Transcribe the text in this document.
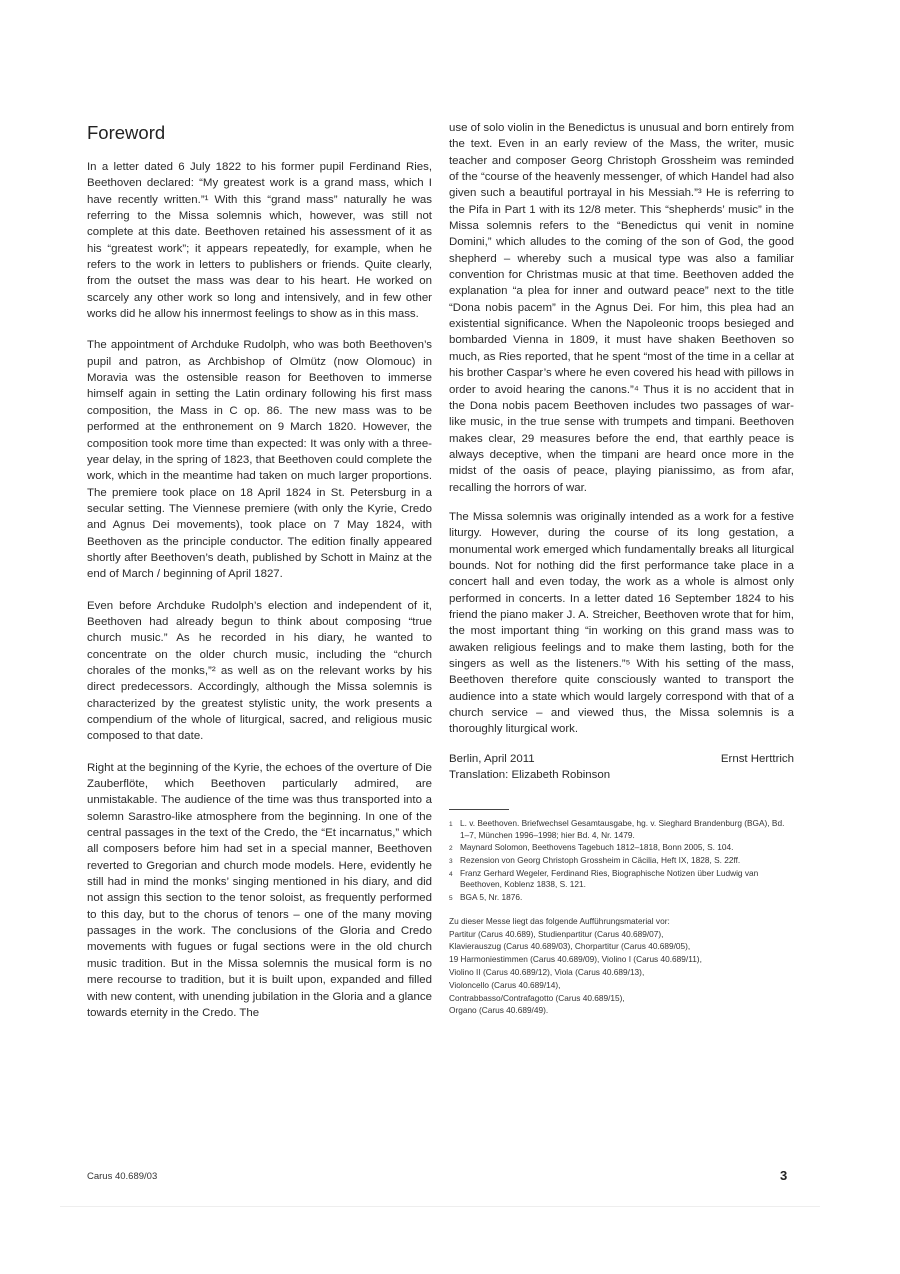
Foreword

In a letter dated 6 July 1822 to his former pupil Ferdinand Ries, Beethoven declared: “My greatest work is a grand mass, which I have recently written.”¹ With this “grand mass” naturally he was referring to the Missa solemnis which, however, was still not complete at this date. Beethoven retained his assessment of it as his “greatest work”; it appears repeatedly, for example, when he refers to the work in letters to publishers or friends. Quite clearly, from the outset the mass was dear to his heart. He worked on scarcely any other work so long and intensively, and in few other works did he allow his innermost feelings to show as in this mass.

The appointment of Archduke Rudolph, who was both Beethoven’s pupil and patron, as Archbishop of Olmütz (now Olomouc) in Moravia was the ostensible reason for Beethoven to immerse himself again in setting the Latin ordinary following his first mass composition, the Mass in C op. 86. The new mass was to be performed at the enthronement on 9 March 1820. However, the composition took more time than expected: It was only with a three-year delay, in the spring of 1823, that Beethoven could complete the work, which in the meantime had taken on much larger proportions. The premiere took place on 18 April 1824 in St. Petersburg in a secular setting. The Viennese premiere (with only the Kyrie, Credo and Agnus Dei movements), took place on 7 May 1824, with Beethoven as the principle conductor. The edition finally appeared shortly after Beethoven’s death, published by Schott in Mainz at the end of March / beginning of April 1827.

Even before Archduke Rudolph’s election and independent of it, Beethoven had already begun to think about composing “true church music.” As he recorded in his diary, he wanted to concentrate on the older church music, including the “church chorales of the monks,”² as well as on the relevant works by his direct predecessors. Accordingly, although the Missa solemnis is characterized by the greatest stylistic unity, the work presents a compendium of the whole of liturgical, sacred, and religious music composed to that date.

Right at the beginning of the Kyrie, the echoes of the overture of Die Zauberflöte, which Beethoven particularly admired, are unmistakable. The audience of the time was thus transported into a solemn Sarastro-like atmosphere from the beginning. In one of the central passages in the text of the Credo, the “Et incarnatus,” which all composers before him had set in a special manner, Beethoven reverted to Gregorian and church mode models. Here, evidently he still had in mind the monks’ singing mentioned in his diary, and did not assign this section to the tenor soloist, as frequently performed to this day, but to the chorus of tenors – one of the many moving passages in the work. The conclusions of the Gloria and Credo movements with fugues or fugal sections were in the old church music tradition. But in the Missa solemnis the musical form is no mere recourse to tradition, but it is built upon, expanded and filled with new content, with unending jubilation in the Gloria and a glance towards eternity in the Credo. The

use of solo violin in the Benedictus is unusual and born entirely from the text. Even in an early review of the Mass, the writer, music teacher and composer Georg Christoph Grossheim was reminded of the “course of the heavenly messenger, of which Handel had also given such a beautiful portrayal in his Messiah.”³ He is referring to the Pifa in Part 1 with its 12/8 meter. This “shepherds’ music” in the Missa solemnis refers to the “Benedictus qui venit in nomine Domini,” which alludes to the coming of the son of God, the good shepherd – whereby such a musical type was also a familiar convention for Christmas music at that time. Beethoven added the explanation “a plea for inner and outward peace” next to the title “Dona nobis pacem” in the Agnus Dei. For him, this plea had an existential significance. When the Napoleonic troops besieged and bombarded Vienna in 1809, it must have shaken Beethoven so much, as Ries reported, that he spent “most of the time in a cellar at his brother Caspar’s where he even covered his head with pillows in order to avoid hearing the canons.”⁴ Thus it is no accident that in the Dona nobis pacem Beethoven includes two passages of war-like music, in the true sense with trumpets and timpani. Beethoven makes clear, 29 measures before the end, that earthly peace is always deceptive, when the timpani are heard once more in the midst of the oasis of peace, playing pianissimo, as from afar, recalling the horrors of war.

The Missa solemnis was originally intended as a work for a festive liturgy. However, during the course of its long gestation, a monumental work emerged which fundamentally breaks all liturgical bounds. Not for nothing did the first performance take place in a concert hall and even today, the work as a whole is almost only performed in concerts. In a letter dated 16 September 1824 to his friend the piano maker J. A. Streicher, Beethoven wrote that for him, the most important thing “in working on this grand mass was to awaken religious feelings and to make them lasting, both for the singers as well as the listeners.”⁵ With his setting of the mass, Beethoven therefore quite consciously wanted to transport the audience into a state which would largely correspond with that of a church service – and viewed thus, the Missa solemnis is a thoroughly liturgical work.

Berlin, April 2011	Ernst Herttrich
Translation: Elizabeth Robinson
1 L. v. Beethoven. Briefwechsel Gesamtausgabe, hg. v. Sieghard Brandenburg (BGA), Bd. 1–7, München 1996–1998; hier Bd. 4, Nr. 1479.
2 Maynard Solomon, Beethovens Tagebuch 1812–1818, Bonn 2005, S. 104.
3 Rezension von Georg Christoph Grossheim in Cäcilia, Heft IX, 1828, S. 22ff.
4 Franz Gerhard Wegeler, Ferdinand Ries, Biographische Notizen über Ludwig van Beethoven, Koblenz 1838, S. 121.
5 BGA 5, Nr. 1876.
Zu dieser Messe liegt das folgende Aufführungsmaterial vor:
Partitur (Carus 40.689), Studienpartitur (Carus 40.689/07),
Klavierauszug (Carus 40.689/03), Chorpartitur (Carus 40.689/05),
19 Harmoniestimmen (Carus 40.689/09), Violino I (Carus 40.689/11),
Violino II (Carus 40.689/12), Viola (Carus 40.689/13),
Violoncello (Carus 40.689/14),
Contrabbasso/Contrafagotto (Carus 40.689/15),
Organo (Carus 40.689/49).
Carus 40.689/03	3
